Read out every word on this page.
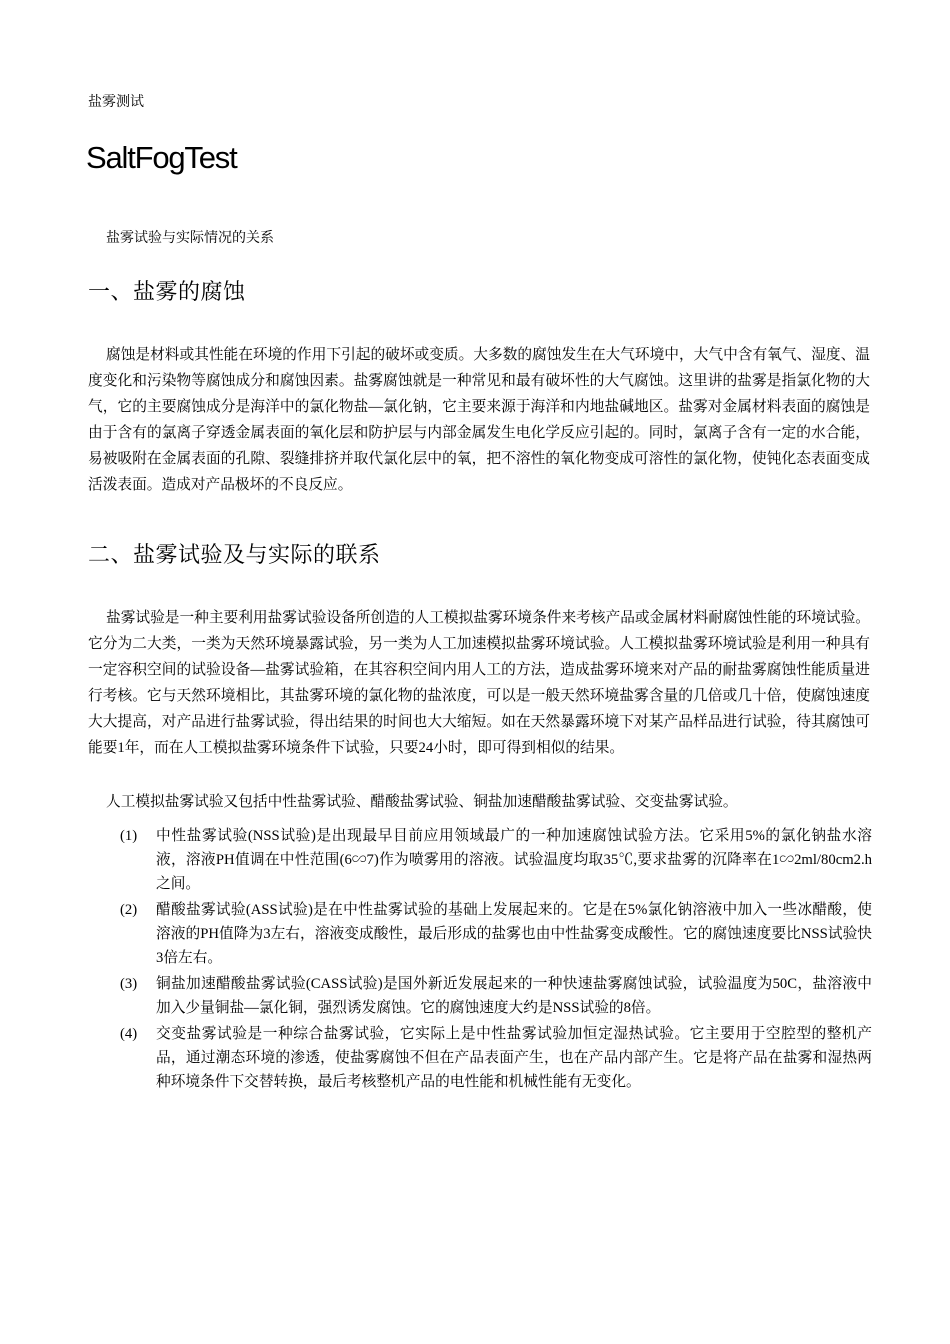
盐雾测试
SaltFogTest
盐雾试验与实际情况的关系
一、盐雾的腐蚀

腐蚀是材料或其性能在环境的作用下引起的破坏或变质。大多数的腐蚀发生在大气环境中，大气中含有氧气、湿度、温度变化和污染物等腐蚀成分和腐蚀因素。盐雾腐蚀就是一种常见和最有破坏性的大气腐蚀。这里讲的盐雾是指氯化物的大气，它的主要腐蚀成分是海洋中的氯化物盐—氯化钠，它主要来源于海洋和内地盐碱地区。盐雾对金属材料表面的腐蚀是由于含有的氯离子穿透金属表面的氧化层和防护层与内部金属发生电化学反应引起的。同时，氯离子含有一定的水合能，易被吸附在金属表面的孔隙、裂缝排挤并取代氯化层中的氧，把不溶性的氧化物变成可溶性的氯化物，使钝化态表面变成活泼表面。造成对产品极坏的不良反应。

二、盐雾试验及与实际的联系

盐雾试验是一种主要利用盐雾试验设备所创造的人工模拟盐雾环境条件来考核产品或金属材料耐腐蚀性能的环境试验。它分为二大类，一类为天然环境暴露试验，另一类为人工加速模拟盐雾环境试验。人工模拟盐雾环境试验是利用一种具有一定容积空间的试验设备—盐雾试验箱，在其容积空间内用人工的方法，造成盐雾环境来对产品的耐盐雾腐蚀性能质量进行考核。它与天然环境相比，其盐雾环境的氯化物的盐浓度，可以是一般天然环境盐雾含量的几倍或几十倍，使腐蚀速度大大提高，对产品进行盐雾试验，得出结果的时间也大大缩短。如在天然暴露环境下对某产品样品进行试验，待其腐蚀可能要1年，而在人工模拟盐雾环境条件下试验，只要24小时，即可得到相似的结果。

人工模拟盐雾试验又包括中性盐雾试验、醋酸盐雾试验、铜盐加速醋酸盐雾试验、交变盐雾试验。

(1) 中性盐雾试验(NSS试验)是出现最早目前应用领域最广的一种加速腐蚀试验方法。它采用5%的氯化钠盐水溶液，溶液PH值调在中性范围(6∽7)作为喷雾用的溶液。试验温度均取35℃,要求盐雾的沉降率在1∽2ml/80cm2.h之间。
(2) 醋酸盐雾试验(ASS试验)是在中性盐雾试验的基础上发展起来的。它是在5%氯化钠溶液中加入一些冰醋酸，使溶液的PH值降为3左右，溶液变成酸性，最后形成的盐雾也由中性盐雾变成酸性。它的腐蚀速度要比NSS试验快3倍左右。
(3) 铜盐加速醋酸盐雾试验(CASS试验)是国外新近发展起来的一种快速盐雾腐蚀试验，试验温度为50C，盐溶液中加入少量铜盐—氯化铜，强烈诱发腐蚀。它的腐蚀速度大约是NSS试验的8倍。
(4) 交变盐雾试验是一种综合盐雾试验，它实际上是中性盐雾试验加恒定湿热试验。它主要用于空腔型的整机产品，通过潮态环境的渗透，使盐雾腐蚀不但在产品表面产生，也在产品内部产生。它是将产品在盐雾和湿热两种环境条件下交替转换，最后考核整机产品的电性能和机械性能有无变化。
